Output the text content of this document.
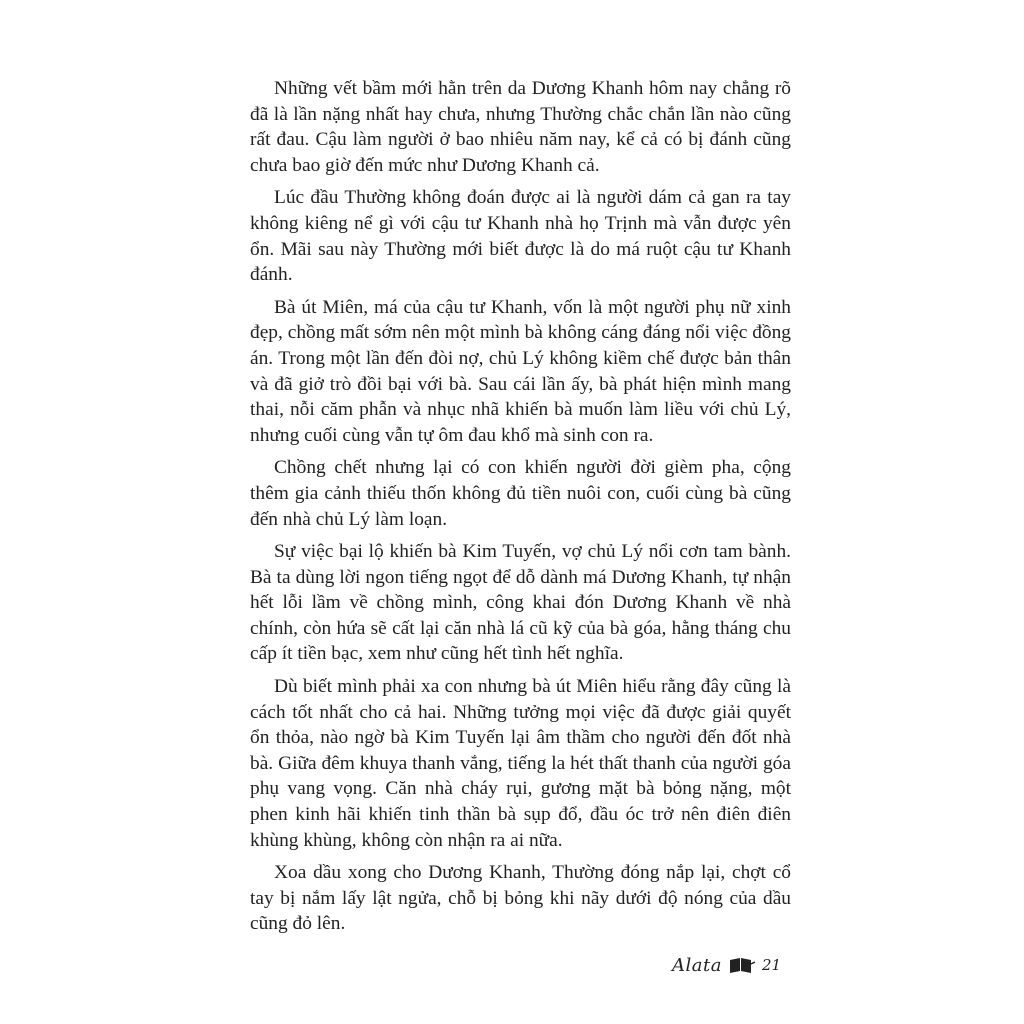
Những vết bầm mới hằn trên da Dương Khanh hôm nay chẳng rõ đã là lần nặng nhất hay chưa, nhưng Thường chắc chắn lần nào cũng rất đau. Cậu làm người ở bao nhiêu năm nay, kể cả có bị đánh cũng chưa bao giờ đến mức như Dương Khanh cả.

Lúc đầu Thường không đoán được ai là người dám cả gan ra tay không kiêng nể gì với cậu tư Khanh nhà họ Trịnh mà vẫn được yên ổn. Mãi sau này Thường mới biết được là do má ruột cậu tư Khanh đánh.

Bà út Miên, má của cậu tư Khanh, vốn là một người phụ nữ xinh đẹp, chồng mất sớm nên một mình bà không cáng đáng nổi việc đồng án. Trong một lần đến đòi nợ, chủ Lý không kiềm chế được bản thân và đã giở trò đồi bại với bà. Sau cái lần ấy, bà phát hiện mình mang thai, nỗi căm phẫn và nhục nhã khiến bà muốn làm liều với chủ Lý, nhưng cuối cùng vẫn tự ôm đau khổ mà sinh con ra.

Chồng chết nhưng lại có con khiến người đời gièm pha, cộng thêm gia cảnh thiếu thốn không đủ tiền nuôi con, cuối cùng bà cũng đến nhà chủ Lý làm loạn.

Sự việc bại lộ khiến bà Kim Tuyến, vợ chủ Lý nổi cơn tam bành. Bà ta dùng lời ngon tiếng ngọt để dỗ dành má Dương Khanh, tự nhận hết lỗi lầm về chồng mình, công khai đón Dương Khanh về nhà chính, còn hứa sẽ cất lại căn nhà lá cũ kỹ của bà góa, hằng tháng chu cấp ít tiền bạc, xem như cũng hết tình hết nghĩa.

Dù biết mình phải xa con nhưng bà út Miên hiểu rằng đây cũng là cách tốt nhất cho cả hai. Những tưởng mọi việc đã được giải quyết ổn thỏa, nào ngờ bà Kim Tuyến lại âm thầm cho người đến đốt nhà bà. Giữa đêm khuya thanh vắng, tiếng la hét thất thanh của người góa phụ vang vọng. Căn nhà cháy rụi, gương mặt bà bỏng nặng, một phen kinh hãi khiến tinh thần bà sụp đổ, đầu óc trở nên điên điên khùng khùng, không còn nhận ra ai nữa.

Xoa dầu xong cho Dương Khanh, Thường đóng nắp lại, chợt cổ tay bị nắm lấy lật ngửa, chỗ bị bỏng khi nãy dưới độ nóng của dầu cũng đỏ lên.

Alata	21
